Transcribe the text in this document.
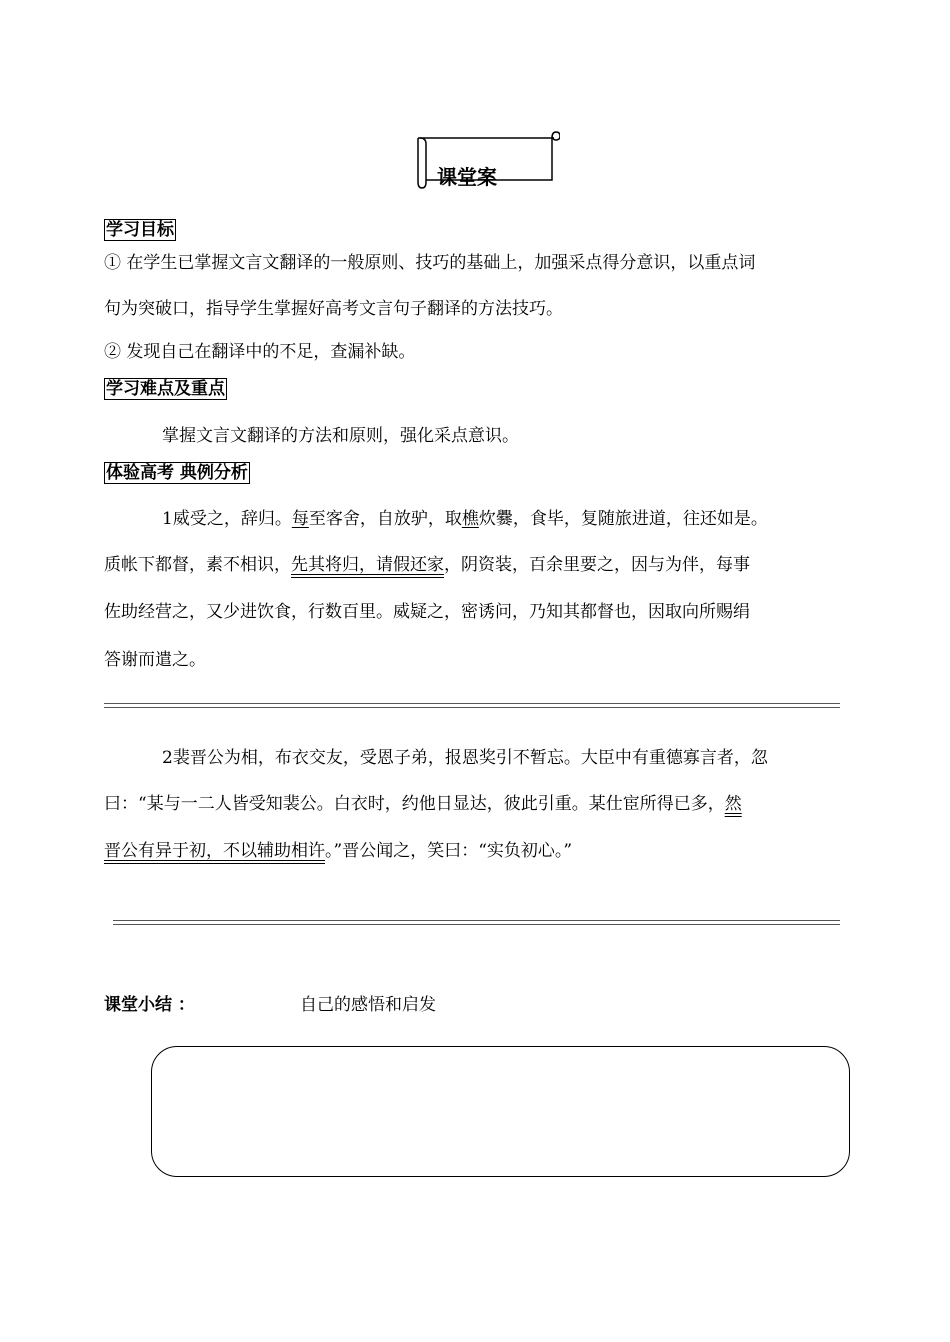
课堂案
学习目标
① 在学生已掌握文言文翻译的一般原则、技巧的基础上，加强采点得分意识，以重点词
句为突破口，指导学生掌握好高考文言句子翻译的方法技巧。
② 发现自己在翻译中的不足，查漏补缺。
学习难点及重点
掌握文言文翻译的方法和原则，强化采点意识。
体验高考 典例分析
1威受之，辞归。每至客舍，自放驴，取樵炊爨，食毕，复随旅进道，往还如是。
质帐下都督，素不相识，先其将归，请假还家，阴资装，百余里要之，因与为伴，每事
佐助经营之，又少进饮食，行数百里。威疑之，密诱问，乃知其都督也，因取向所赐绢
答谢而遣之。
2裴晋公为相，布衣交友，受恩子弟，报恩奖引不暂忘。大臣中有重德寡言者，忽
曰：“某与一二人皆受知裴公。白衣时，约他日显达，彼此引重。某仕宦所得已多，然
晋公有异于初，不以辅助相许。”晋公闻之，笑曰：“实负初心。”
课堂小结 ：	自己的感悟和启发
